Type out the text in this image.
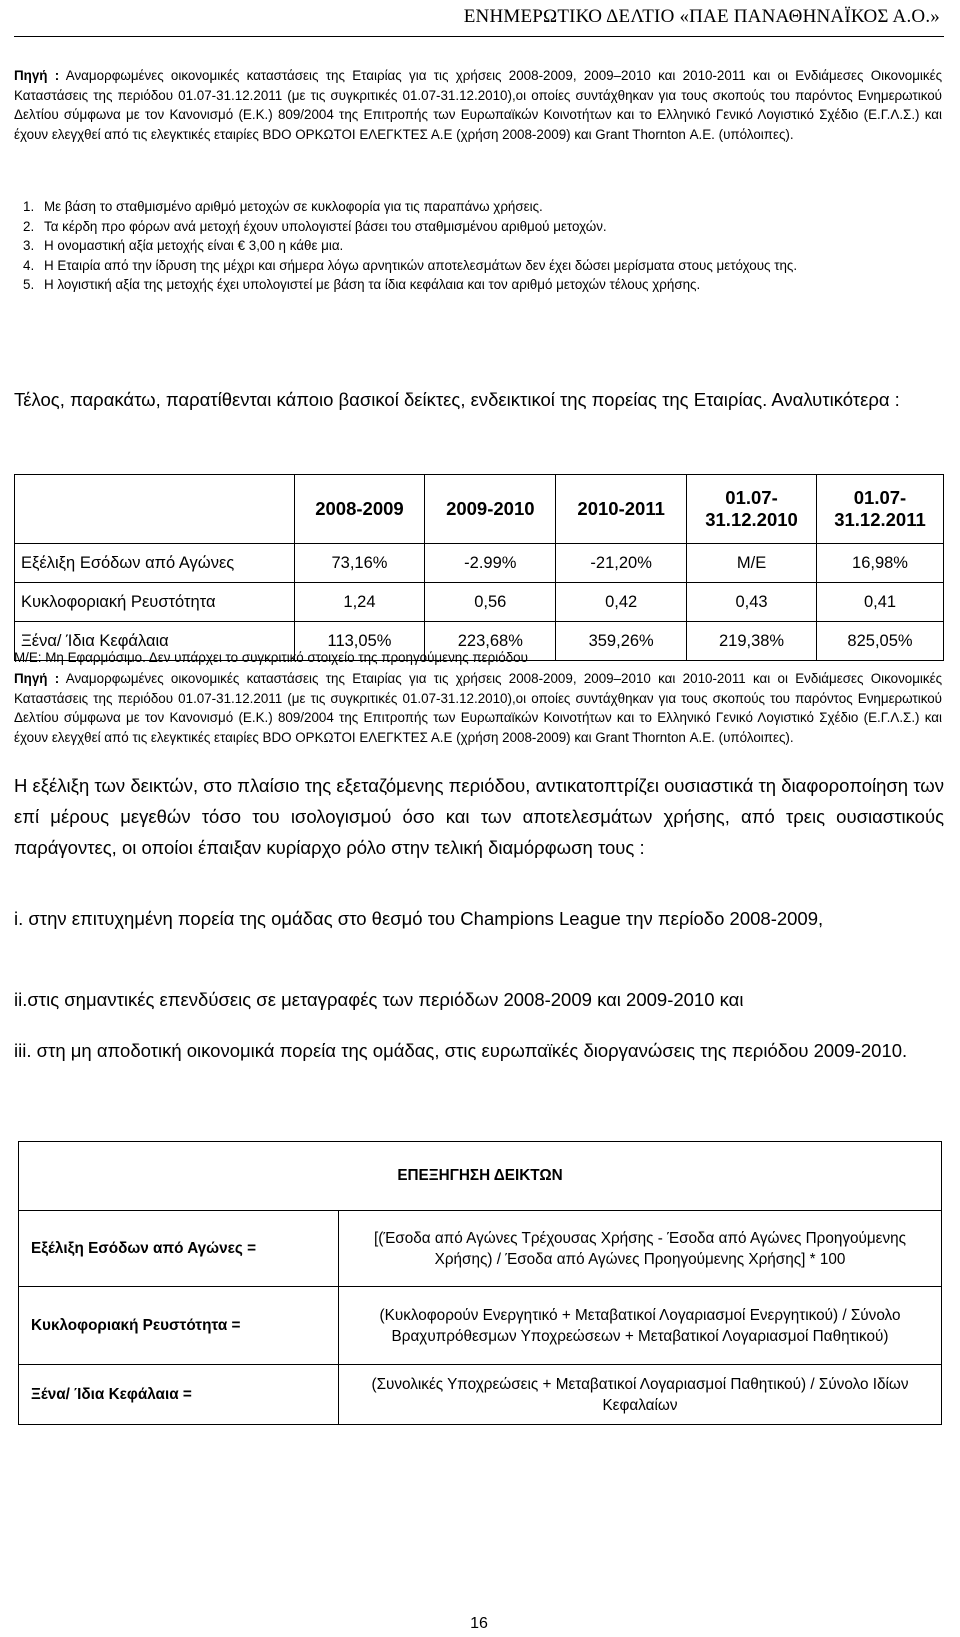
ΕΝΗΜΕΡΩΤΙΚΟ ΔΕΛΤΙΟ «ΠΑΕ ΠΑΝΑΘΗΝΑΪΚΟΣ Α.Ο.»
Πηγή : Αναμορφωμένες οικονομικές καταστάσεις της Εταιρίας για τις χρήσεις 2008-2009, 2009–2010 και 2010-2011 και οι Ενδιάμεσες Οικονομικές Καταστάσεις της περιόδου 01.07-31.12.2011 (με τις συγκριτικές 01.07-31.12.2010),οι οποίες συντάχθηκαν για τους σκοπούς του παρόντος Ενημερωτικού Δελτίου σύμφωνα με τον Κανονισμό (Ε.Κ.) 809/2004 της Επιτροπής των Ευρωπαϊκών Κοινοτήτων και το Ελληνικό Γενικό Λογιστικό Σχέδιο (Ε.Γ.Λ.Σ.) και έχουν ελεγχθεί από τις ελεγκτικές εταιρίες BDO ΟΡΚΩΤΟΙ ΕΛΕΓΚΤΕΣ Α.Ε (χρήση 2008-2009) και Grant Thornton Α.Ε. (υπόλοιπες).
1. Με βάση το σταθμισμένο αριθμό μετοχών σε κυκλοφορία για τις παραπάνω χρήσεις.
2. Τα κέρδη προ φόρων ανά μετοχή έχουν υπολογιστεί βάσει του σταθμισμένου αριθμού μετοχών.
3. Η ονομαστική αξία μετοχής είναι € 3,00 η κάθε μια.
4. Η Εταιρία από την ίδρυση της μέχρι και σήμερα λόγω αρνητικών αποτελεσμάτων δεν έχει δώσει μερίσματα στους μετόχους της.
5. Η λογιστική αξία της μετοχής έχει υπολογιστεί με βάση τα ίδια κεφάλαια και τον αριθμό μετοχών τέλους χρήσης.
Τέλος, παρακάτω, παρατίθενται κάποιο βασικοί δείκτες, ενδεικτικοί της πορείας της Εταιρίας. Αναλυτικότερα :
	2008-2009	2009-2010	2010-2011	01.07-31.12.2010	01.07-31.12.2011
Εξέλιξη Εσόδων από Αγώνες	73,16%	-2.99%	-21,20%	Μ/Ε	16,98%
Κυκλοφοριακή Ρευστότητα	1,24	0,56	0,42	0,43	0,41
Ξένα/ Ίδια Κεφάλαια	113,05%	223,68%	359,26%	219,38%	825,05%
Μ/Ε: Μη Εφαρμόσιμο. Δεν υπάρχει το συγκριτικό στοιχείο της προηγούμενης περιόδου
Πηγή : Αναμορφωμένες οικονομικές καταστάσεις της Εταιρίας για τις χρήσεις 2008-2009, 2009–2010 και 2010-2011 και οι Ενδιάμεσες Οικονομικές Καταστάσεις της περιόδου 01.07-31.12.2011 (με τις συγκριτικές 01.07-31.12.2010),οι οποίες συντάχθηκαν για τους σκοπούς του παρόντος Ενημερωτικού Δελτίου σύμφωνα με τον Κανονισμό (Ε.Κ.) 809/2004 της Επιτροπής των Ευρωπαϊκών Κοινοτήτων και το Ελληνικό Γενικό Λογιστικό Σχέδιο (Ε.Γ.Λ.Σ.) και έχουν ελεγχθεί από τις ελεγκτικές εταιρίες BDO ΟΡΚΩΤΟΙ ΕΛΕΓΚΤΕΣ Α.Ε (χρήση 2008-2009) και Grant Thornton Α.Ε. (υπόλοιπες).
Η εξέλιξη των δεικτών, στο πλαίσιο της εξεταζόμενης περιόδου, αντικατοπτρίζει ουσιαστικά τη διαφοροποίηση των επί μέρους μεγεθών τόσο του ισολογισμού όσο και των αποτελεσμάτων χρήσης, από τρεις ουσιαστικούς παράγοντες, οι οποίοι έπαιξαν κυρίαρχο ρόλο στην τελική διαμόρφωση τους :
i. στην επιτυχημένη πορεία της ομάδας στο θεσμό του Champions League την περίοδο 2008-2009,
ii.στις σημαντικές επενδύσεις σε μεταγραφές των περιόδων 2008-2009 και 2009-2010 και
iii. στη μη αποδοτική οικονομικά πορεία της ομάδας, στις ευρωπαϊκές διοργανώσεις της περιόδου 2009-2010.
ΕΠΕΞΗΓΗΣΗ ΔΕΙΚΤΩΝ	
Εξέλιξη Εσόδων από Αγώνες =	[(Έσοδα από Αγώνες Τρέχουσας Χρήσης - Έσοδα από Αγώνες Προηγούμενης Χρήσης) / Έσοδα από Αγώνες Προηγούμενης Χρήσης] * 100
Κυκλοφοριακή Ρευστότητα =	(Κυκλοφορούν Ενεργητικό + Μεταβατικοί Λογαριασμοί Ενεργητικού) / Σύνολο Βραχυπρόθεσμων Υποχρεώσεων + Μεταβατικοί Λογαριασμοί Παθητικού)
Ξένα/ Ίδια Κεφάλαια =	(Συνολικές Υποχρεώσεις + Μεταβατικοί Λογαριασμοί Παθητικού) / Σύνολο Ιδίων Κεφαλαίων
16
